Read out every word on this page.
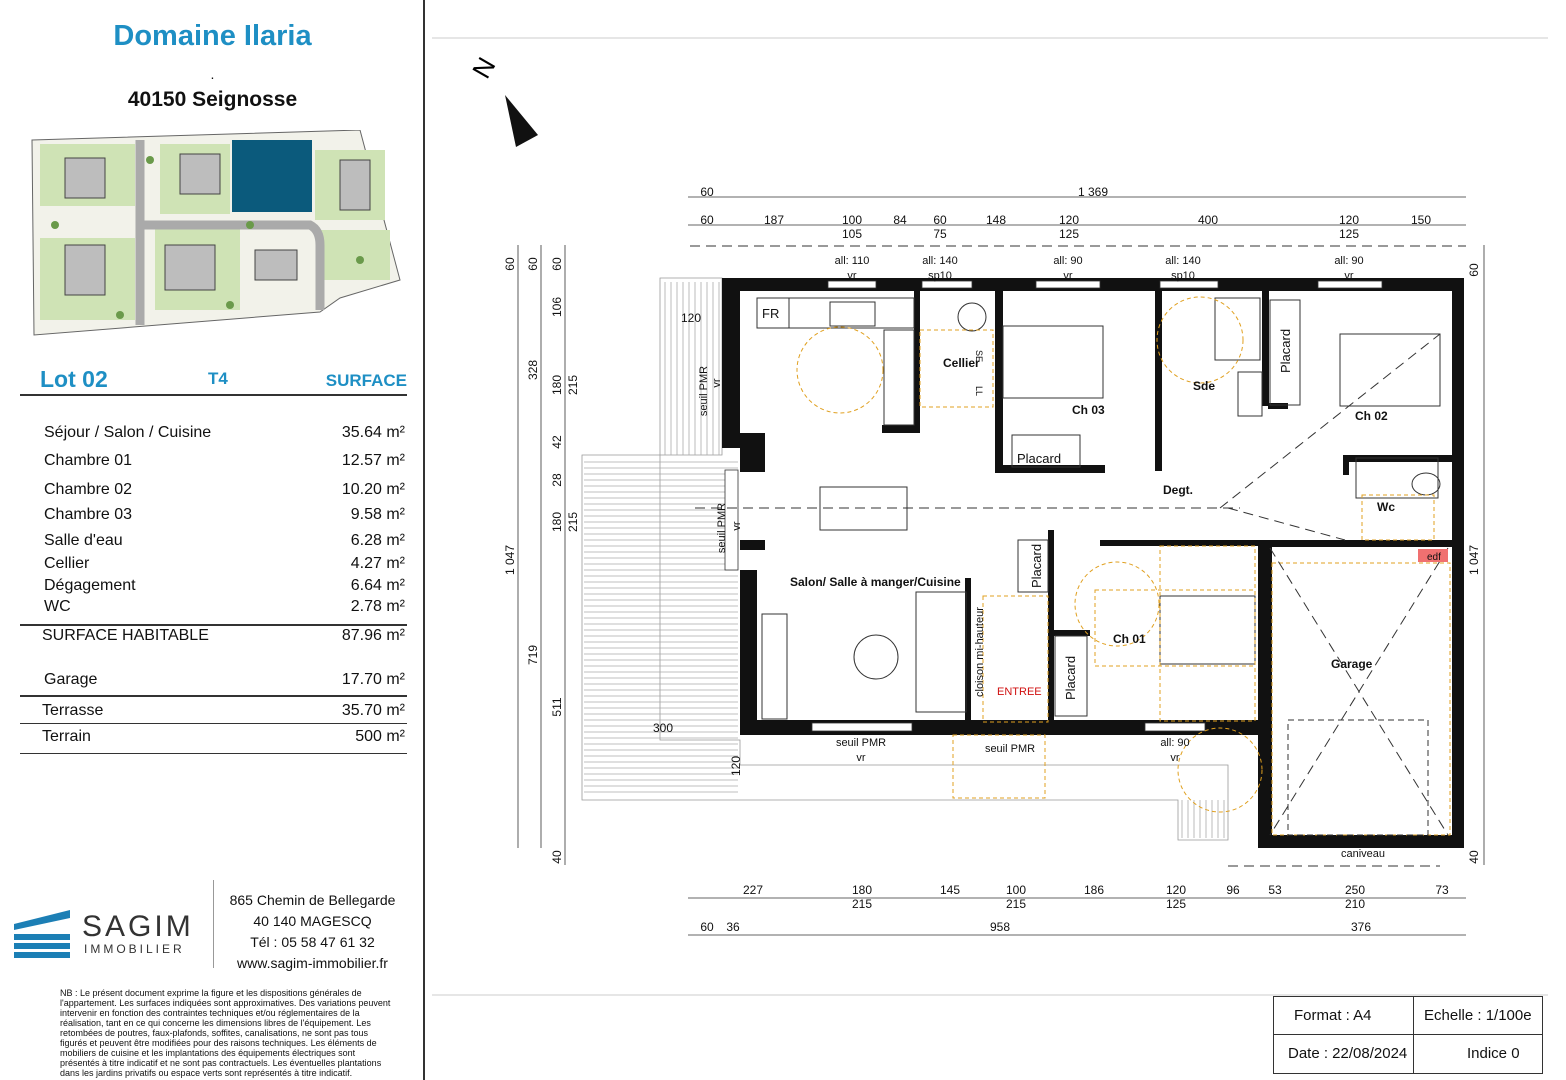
Domaine Ilaria
.
40150 Seignosse
Lot 02	T4	SURFACE
Séjour / Salon / Cuisine	35.64 m²
Chambre 01	12.57 m²
Chambre 02	10.20 m²
Chambre 03	9.58 m²
Salle d'eau	6.28 m²
Cellier	4.27 m²
Dégagement	6.64 m²
WC	2.78 m²
SURFACE HABITABLE	87.96 m²
Garage	17.70 m²
Terrasse	35.70 m²
Terrain	500 m²
SAGIM
IMMOBILIER
865 Chemin de Bellegarde
40 140 MAGESCQ
Tél : 05 58 47 61 32
www.sagim-immobilier.fr
NB : Le présent document exprime la figure et les dispositions générales de l'appartement. Les surfaces indiquées sont approximatives. Des variations peuvent intervenir en fonction des contraintes techniques et/ou réglementaires de la réalisation, tant en ce qui concerne les dimensions libres de l'équipement. Les retombées de poutres, faux-plafonds, soffites, canalisations, ne sont pas tous figurés et peuvent être modifiées pour des raisons techniques. Les éléments de mobiliers de cuisine et les implantations des équipements électriques sont présentés à titre indicatif et ne sont pas contractuels. Les éventuelles plantations dans les jardins privatifs ou espace verts sont représentés à titre indicatif.
N
Ch 03	Ch 02
Ch 01
Sde
Cellier
Degt.
Wc
Salon/ Salle à manger/Cuisine
Garage
Placard
Placard
Placard
Placard
FR
ENTREE
cloison mi-hauteur
caniveau
edf
SE
LL
all: 110
vr
all: 140
sp10
all: 90
vr
all: 140
sp10
all: 90
vr
all: 90
vr
seuil PMR
vr
seuil PMR
seuil PMR vr
seuil PMR vr
60	1 369
60	187	100	84 60	148	120	400	120	150
105	75	125	125
227	180	145	100	186	120	96 53	250	73
215	215	125	210
60 36	958	376
60 60 60
106
328
180 215
42
28
180 215
1 047
719
511
120
40
300
120
60
1 047
40
Format : A4	Echelle : 1/100e
Date : 22/08/2024	Indice 0
